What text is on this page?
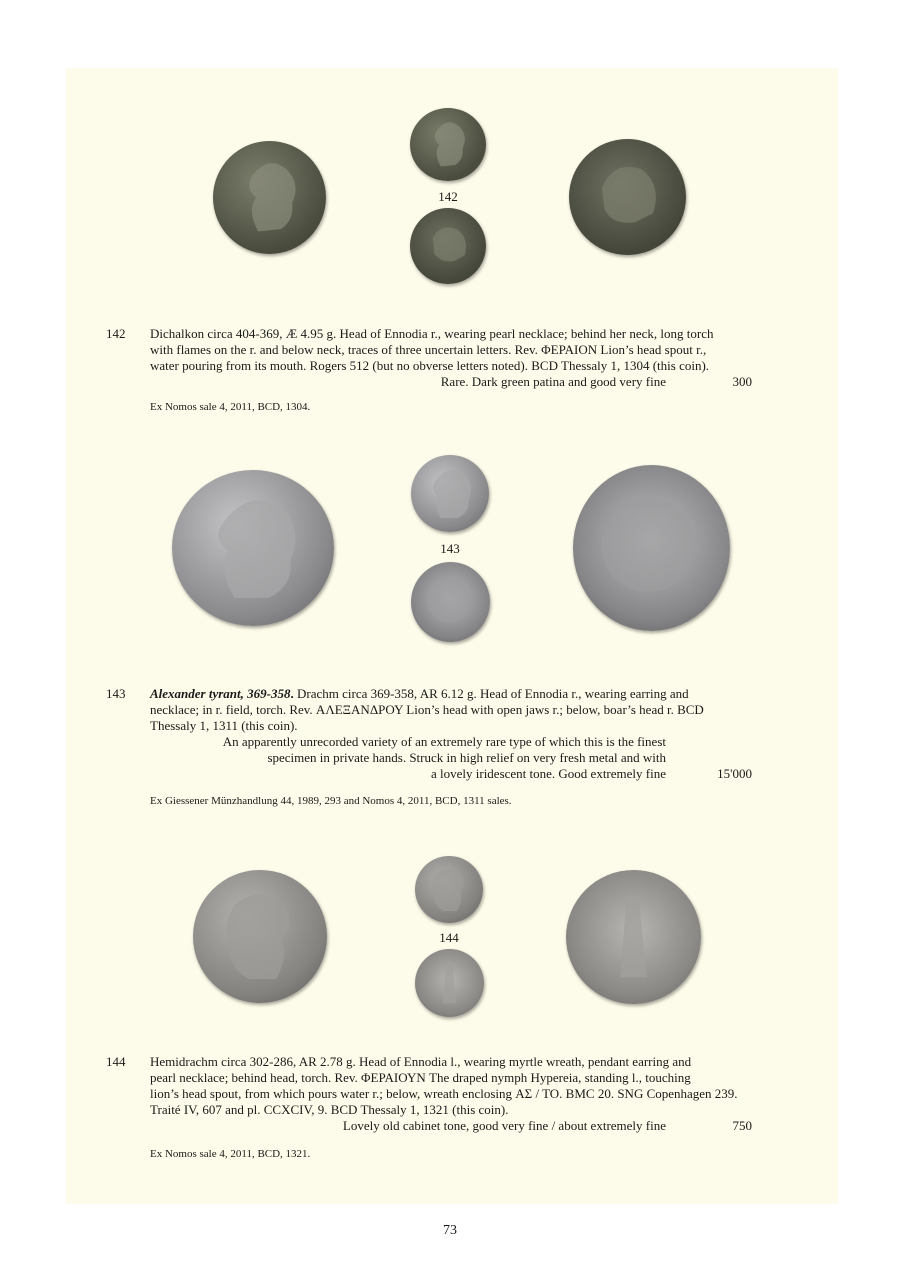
142
142	Dichalkon circa 404-369, Æ 4.95 g. Head of Ennodia r., wearing pearl necklace; behind her neck, long torch

with flames on the r. and below neck, traces of three uncertain letters. Rev. ΦΕΡΑΙΟΝ Lion’s head spout r.,

water pouring from its mouth. Rogers 512 (but no obverse letters noted). BCD Thessaly 1, 1304 (this coin).

Rare. Dark green patina and good very fine	300
Ex Nomos sale 4, 2011, BCD, 1304.
143
143	Alexander tyrant, 369-358. Drachm circa 369-358, AR 6.12 g. Head of Ennodia r., wearing earring and

necklace; in r. field, torch. Rev. ΑΛΕΞΑΝΔΡΟΥ Lion’s head with open jaws r.; below, boar’s head r. BCD

Thessaly 1, 1311 (this coin).

An apparently unrecorded variety of an extremely rare type of which this is the finest
specimen in private hands. Struck in high relief on very fresh metal and with
a lovely iridescent tone. Good extremely fine	15'000
Ex Giessener Münzhandlung 44, 1989, 293 and Nomos 4, 2011, BCD, 1311 sales.
144
144	Hemidrachm circa 302-286, AR 2.78 g. Head of Ennodia l., wearing myrtle wreath, pendant earring and

pearl necklace; behind head, torch. Rev. ΦΕΡΑΙΟΥΝ The draped nymph Hypereia, standing l., touching

lion’s head spout, from which pours water r.; below, wreath enclosing ΑΣ / ΤΟ. BMC 20. SNG Copenhagen 239.

Traité IV, 607 and pl. CCXCIV, 9. BCD Thessaly 1, 1321 (this coin).

Lovely old cabinet tone, good very fine / about extremely fine	750
Ex Nomos sale 4, 2011, BCD, 1321.
73
